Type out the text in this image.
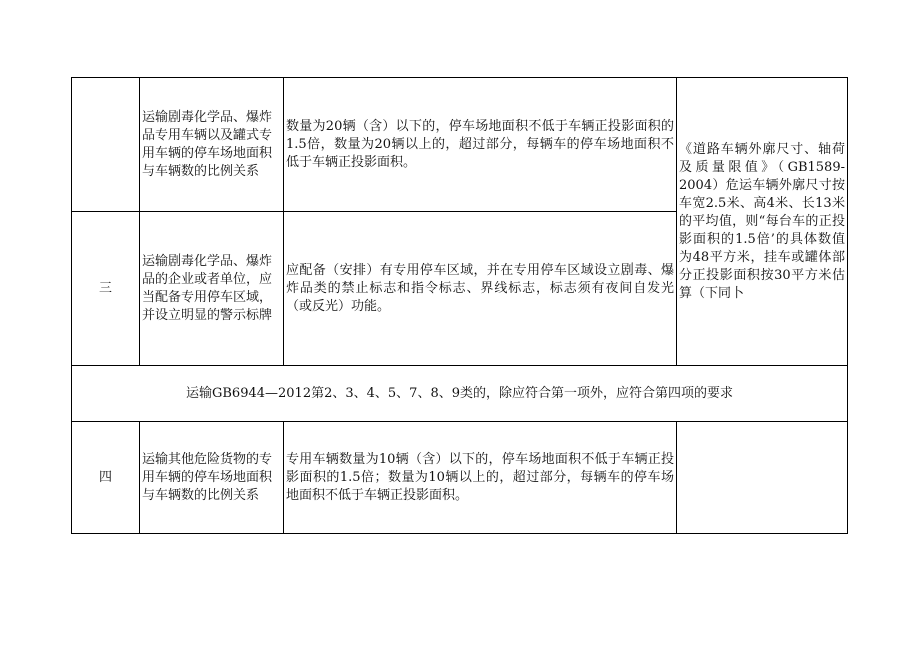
	运输剧毒化学品、爆炸品专用车辆以及罐式专用车辆的停车场地面积与车辆数的比例关系	数量为20辆（含）以下的，停车场地面积不低于车辆正投影面积的1.5倍，数量为20辆以上的，超过部分，每辆车的停车场地面积不低于车辆正投影面积。	《道路车辆外廓尺寸、轴荷及质量限值》（GB1589-2004）危运车辆外廓尺寸按车宽2.5米、高4米、长13米的平均值，则“每台车的正投影面积的1.5倍’的具体数值为48平方米，挂车或罐体部分正投影面积按30平方米估算（下同卜
三	运输剧毒化学品、爆炸品的企业或者单位，应当配备专用停车区域，并设立明显的警示标牌	应配备（安排）有专用停车区域，并在专用停车区域设立剧毒、爆炸品类的禁止标志和指令标志、界线标志，标志须有夜间自发光（或反光）功能。	
运输GB6944—2012第2、3、4、5、7、8、9类的，除应符合第一项外，应符合第四项的要求			
四	运输其他危险货物的专用车辆的停车场地面积与车辆数的比例关系	专用车辆数量为10辆（含）以下的，停车场地面积不低于车辆正投影面积的1.5倍；数量为10辆以上的，超过部分，每辆车的停车场地面积不低于车辆正投影面积。	
